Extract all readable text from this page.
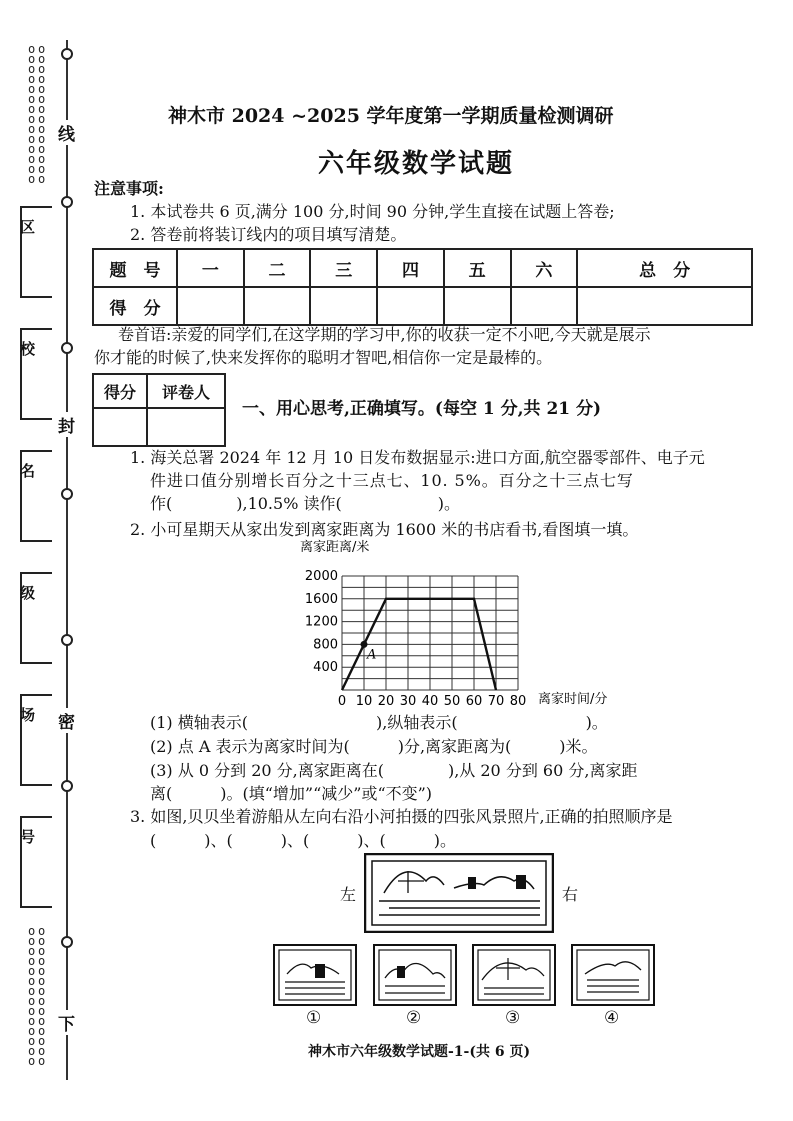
o
o
o
o
o
o
o
o
o
o
o
o
o
o
o
o
o
o
o
o
o
o
o
o
o
o
o
o
o
o
o
o
o
o
o
o
o
o
o
o
o
o
o
o
o
o
o
o
o
o
o
o
o
o
o
o
线
封
密
下
区
校
名
级
场
号
神木市 2024 ~2025 学年度第一学期质量检测调研
六年级数学试题
注意事项:
1. 本试卷共 6 页,满分 100 分,时间 90 分钟,学生直接在试题上答卷;
2. 答卷前将装订线内的项目填写清楚。
题　号	一	二	三	四	五	六	总　分
得　分							
卷首语:亲爱的同学们,在这学期的学习中,你的收获一定不小吧,今天就是展示
你才能的时候了,快来发挥你的聪明才智吧,相信你一定是最棒的。
得分	评卷人

一、用心思考,正确填写。(每空 1 分,共 21 分)
1. 海关总署 2024 年 12 月 10 日发布数据显示:进口方面,航空器零部件、电子元
件进口值分别增长百分之十三点七、10. 5%。百分之十三点七写
作(　　　　),10.5% 读作(　　　　　　)。
2. 小可星期天从家出发到离家距离为 1600 米的书店看书,看图填一填。
离家距离/米
离家时间/分
0 10 20 30 40 50 60 70 80
2000
1600
1200
800
400
A
(1) 横轴表示(　　　　　　　　),纵轴表示(　　　　　　　　)。
(2) 点 A 表示为离家时间为(　　　)分,离家距离为(　　　)米。
(3) 从 0 分到 20 分,离家距离在(　　　　),从 20 分到 60 分,离家距
离(　　　)。(填“增加”“减少”或“不变”)
3. 如图,贝贝坐着游船从左向右沿小河拍摄的四张风景照片,正确的拍照顺序是
(　　　)、(　　　)、(　　　)、(　　　)。
左	右
①	②	③	④
神木市六年级数学试题-1-(共 6 页)
